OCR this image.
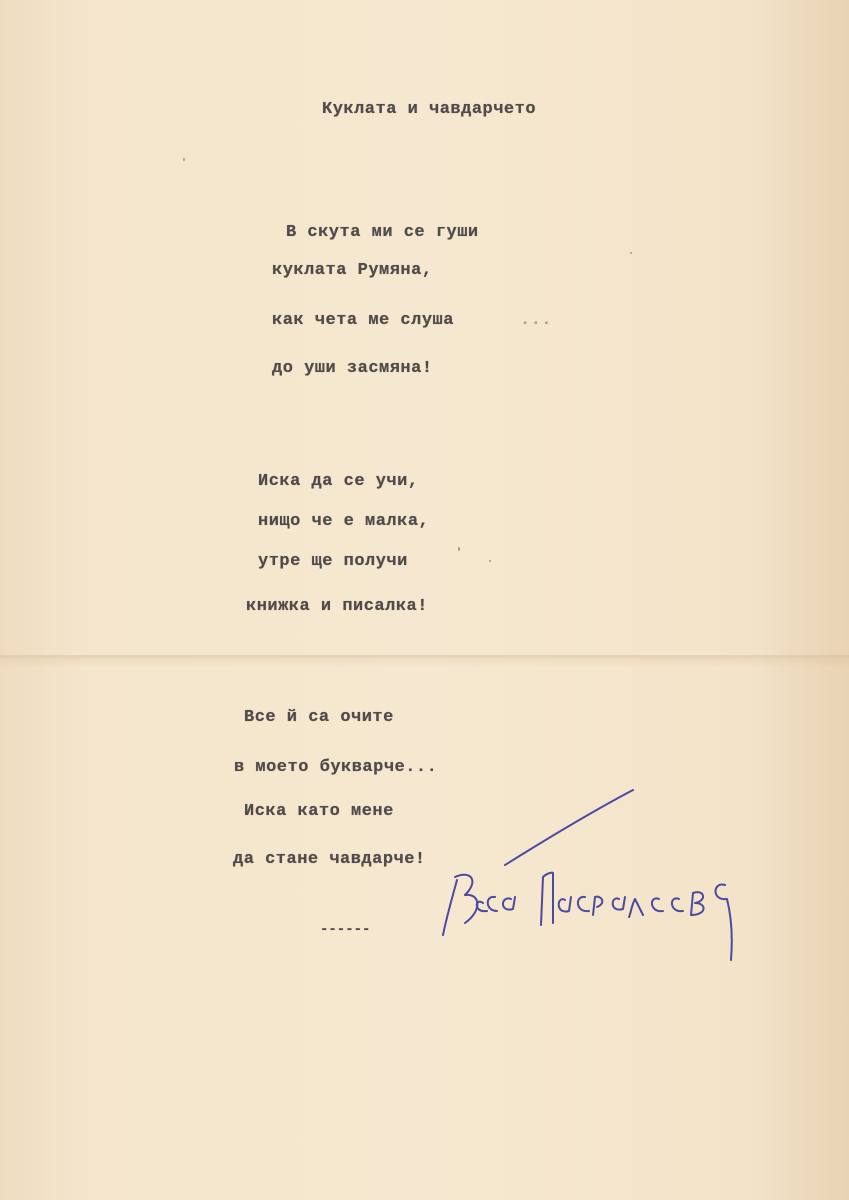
Куклата и чавдарчето
В скута ми се гуши
куклата Румяна,
как чета ме слуша	...
до уши засмяна!
Иска да се учи,
нищо че е малка,
утре ще получи
книжка и писалка!
Все й са очите
в моето букварче...
Иска като мене
да стане чавдарче!
------
